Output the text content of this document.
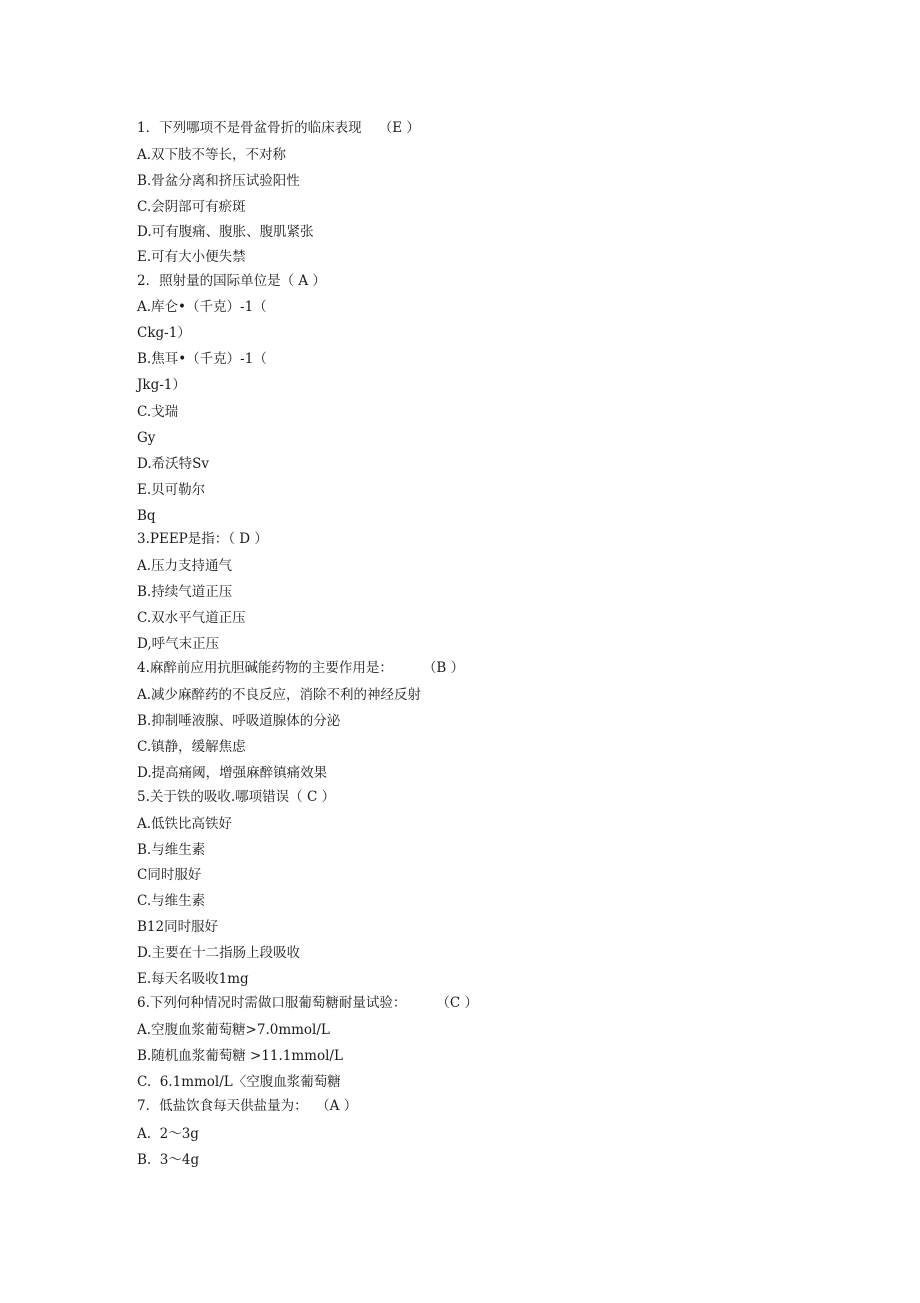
1．下列哪项不是骨盆骨折的临床表现    （E ）
A.双下肢不等长，不对称
B.骨盆分离和挤压试验阳性
C.会阴部可有瘀斑
D.可有腹痛、腹胀、腹肌紧张
E.可有大小便失禁
2．照射量的国际单位是（ A ）
A.库仑•（千克）-1（
Ckg-1）
B.焦耳•（千克）-1（
Jkg-1）
C.戈瑞
Gy
D.希沃特Sv
E.贝可勒尔
Bq
3.PEEP是指：（ D ）
A.压力支持通气
B.持续气道正压
C.双水平气道正压
D,呼气末正压
4.麻醉前应用抗胆碱能药物的主要作用是：       （B ）
A.减少麻醉药的不良反应，消除不利的神经反射
B.抑制唾液腺、呼吸道腺体的分泌
C.镇静，缓解焦虑
D.提高痛阈，增强麻醉镇痛效果
5.关于铁的吸收.哪项错误（ C ）
A.低铁比高铁好
B.与维生素
C同时服好
C.与维生素
B12同时服好
D.主要在十二指肠上段吸收
E.每天名吸收1mg
6.下列何种情况时需做口服葡萄糖耐量试验：       （C ）
A.空腹血浆葡萄糖>7.0mmol/L
B.随机血浆葡萄糖 >11.1mmol/L
C.  6.1mmol/L〈空腹血浆葡萄糖
7．低盐饮食每天供盐量为：  （A ）
A.  2～3g
B.  3～4g
